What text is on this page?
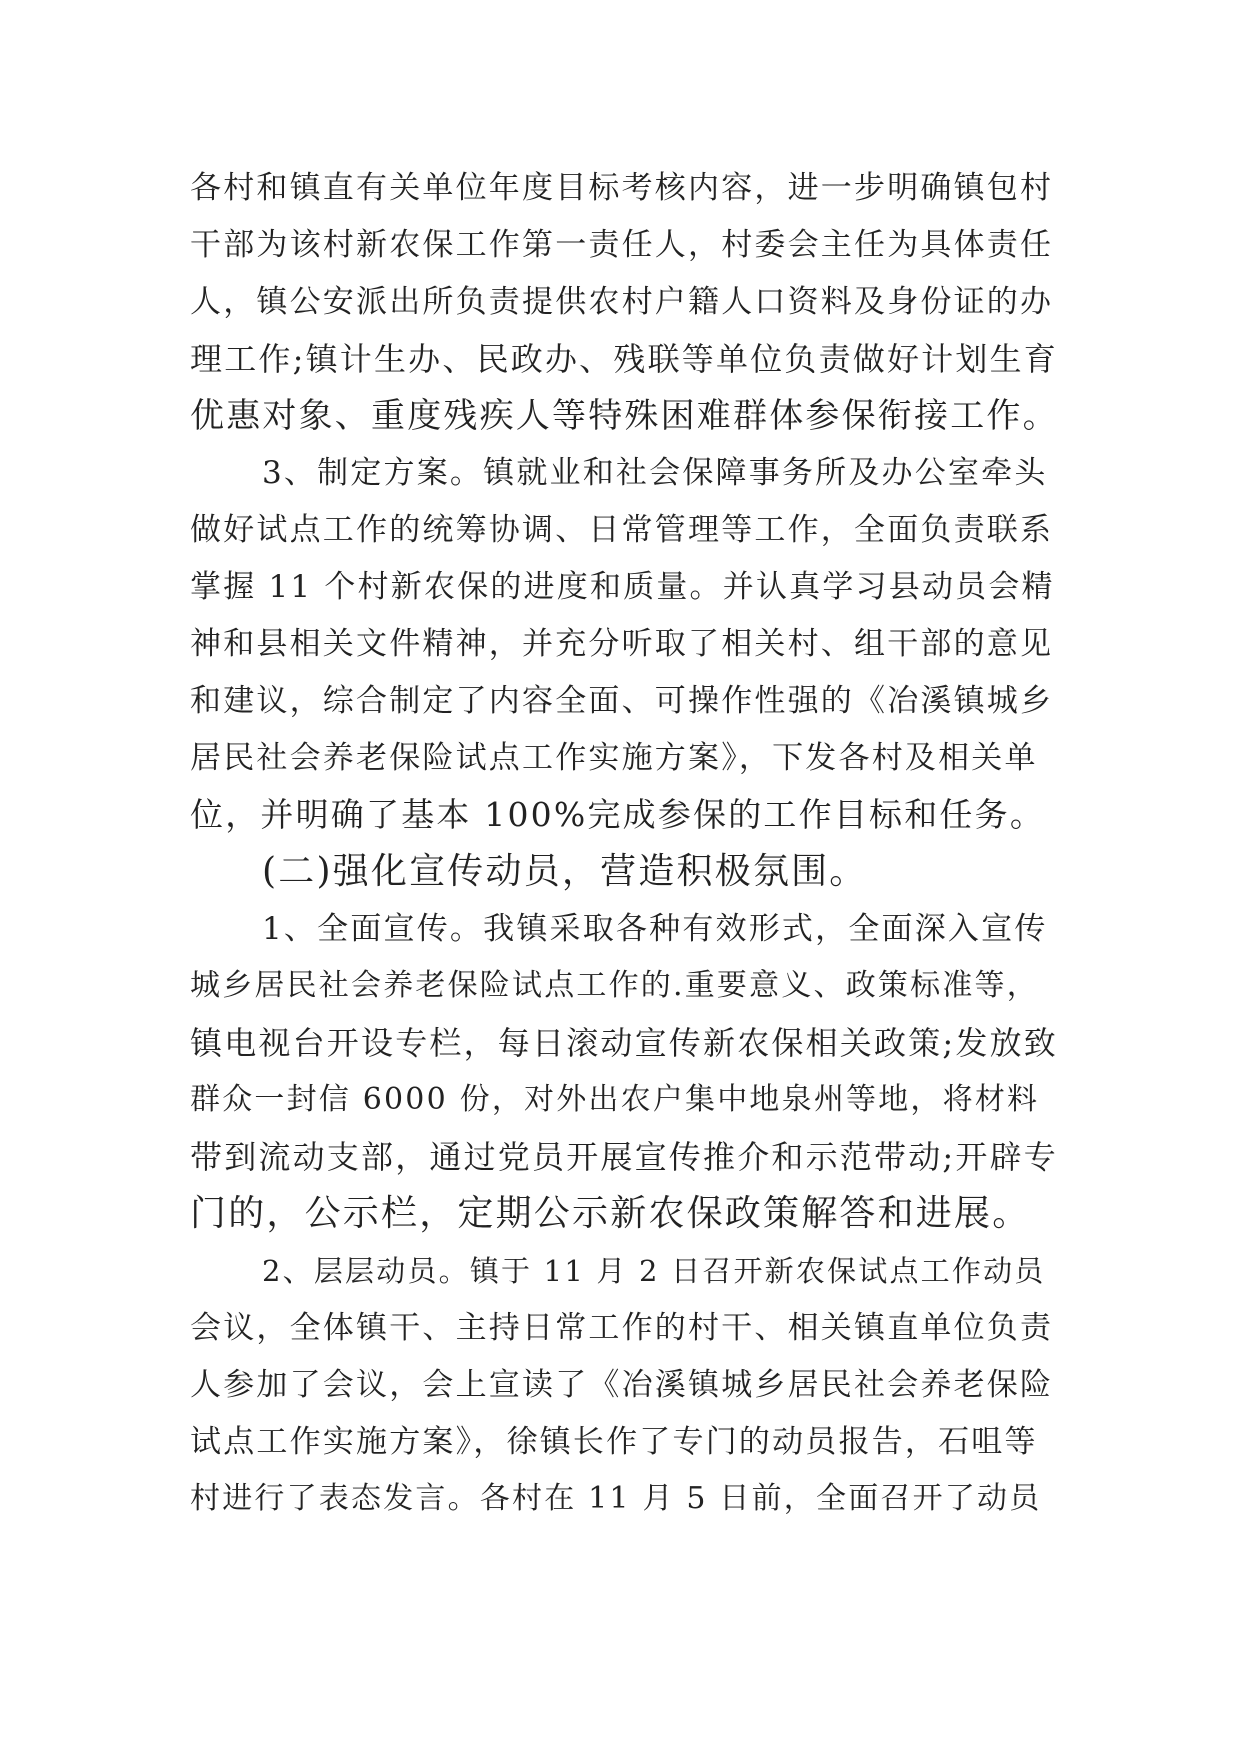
各村和镇直有关单位年度目标考核内容，进一步明确镇包村
干部为该村新农保工作第一责任人，村委会主任为具体责任
人，镇公安派出所负责提供农村户籍人口资料及身份证的办
理工作;镇计生办、民政办、残联等单位负责做好计划生育
优惠对象、重度残疾人等特殊困难群体参保衔接工作。
3、制定方案。镇就业和社会保障事务所及办公室牵头
做好试点工作的统筹协调、日常管理等工作，全面负责联系
掌握 11 个村新农保的进度和质量。并认真学习县动员会精
神和县相关文件精神，并充分听取了相关村、组干部的意见
和建议，综合制定了内容全面、可操作性强的《冶溪镇城乡
居民社会养老保险试点工作实施方案》，下发各村及相关单
位，并明确了基本 100%完成参保的工作目标和任务。
(二)强化宣传动员，营造积极氛围。
1、全面宣传。我镇采取各种有效形式，全面深入宣传
城乡居民社会养老保险试点工作的.重要意义、政策标准等，
镇电视台开设专栏，每日滚动宣传新农保相关政策;发放致
群众一封信 6000 份，对外出农户集中地泉州等地，将材料
带到流动支部，通过党员开展宣传推介和示范带动;开辟专
门的，公示栏，定期公示新农保政策解答和进展。
2、层层动员。镇于 11 月 2 日召开新农保试点工作动员
会议，全体镇干、主持日常工作的村干、相关镇直单位负责
人参加了会议，会上宣读了《冶溪镇城乡居民社会养老保险
试点工作实施方案》，徐镇长作了专门的动员报告，石咀等
村进行了表态发言。各村在 11 月 5 日前，全面召开了动员
